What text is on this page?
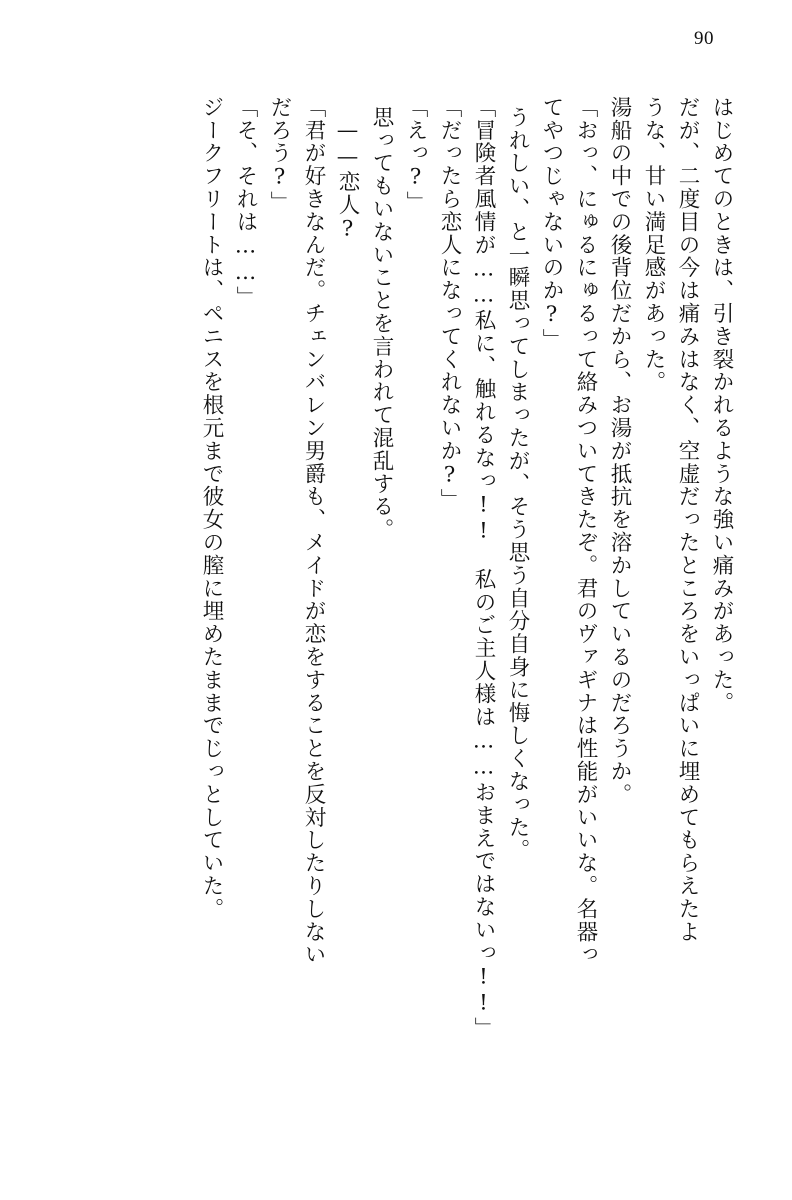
90
はじめてのときは、引き裂かれるような強い痛みがあった。
だが、二度目の今は痛みはなく、空虚だったところをいっぱいに埋めてもらえたよ
うな、甘い満足感があった。
湯船の中での後背位だから、お湯が抵抗を溶かしているのだろうか。
「おっ、にゅるにゅるって絡みついてきたぞ。君のヴァギナは性能がいいな。名器っ
てやつじゃないのか?」
うれしい、と一瞬思ってしまったが、そう思う自分自身に悔しくなった。
「冒険者風情が……私に、触れるなっ!!　私のご主人様は……おまえではないっ!!」
「だったら恋人になってくれないか?」
「えっ?」
思ってもいないことを言われて混乱する。
——恋人?
「君が好きなんだ。チェンバレン男爵も、メイドが恋をすることを反対したりしない
だろう?」
「そ、それは……」
ジークフリートは、ペニスを根元まで彼女の膣に埋めたままでじっとしていた。
